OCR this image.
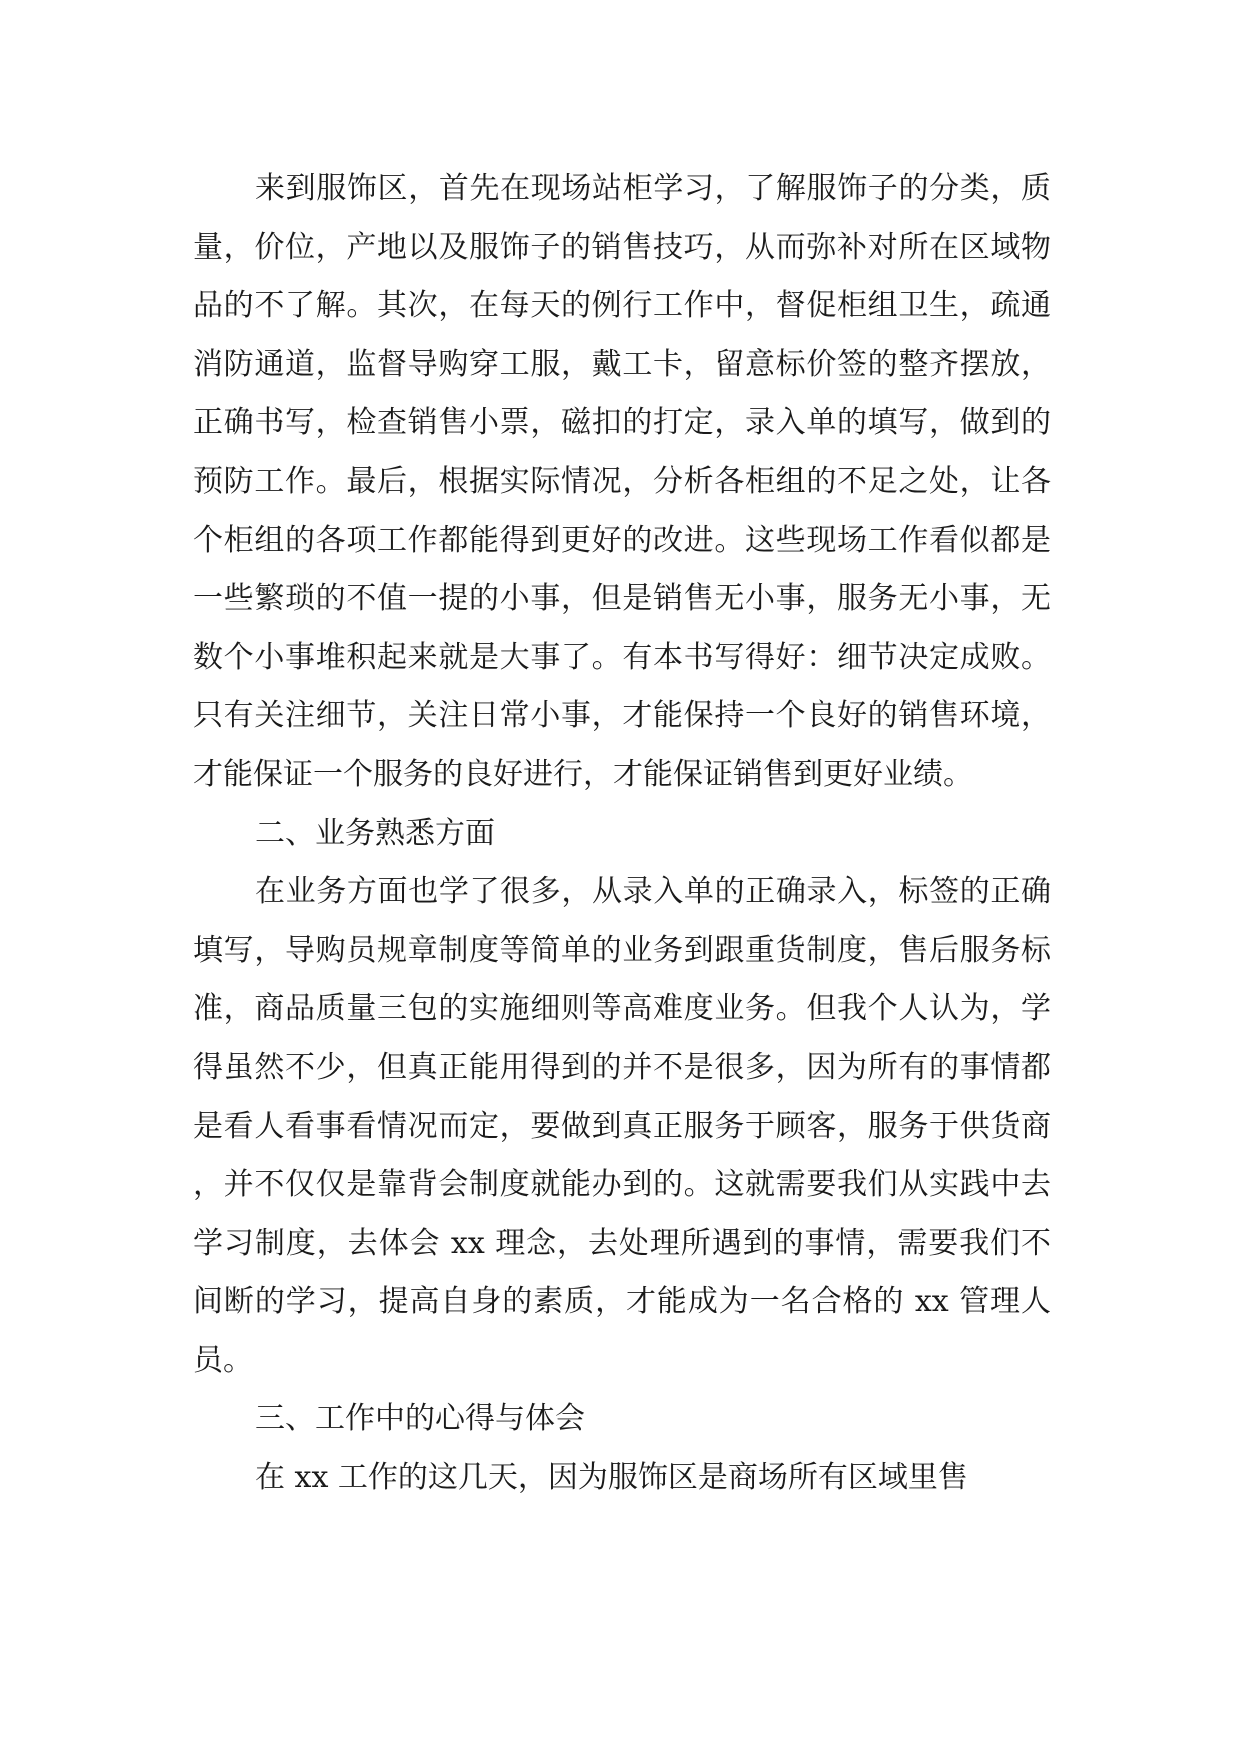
来到服饰区，首先在现场站柜学习，了解服饰子的分类，质量，价位，产地以及服饰子的销售技巧，从而弥补对所在区域物品的不了解。其次，在每天的例行工作中，督促柜组卫生，疏通消防通道，监督导购穿工服，戴工卡，留意标价签的整齐摆放，正确书写，检查销售小票，磁扣的打定，录入单的填写，做到的预防工作。最后，根据实际情况，分析各柜组的不足之处，让各个柜组的各项工作都能得到更好的改进。这些现场工作看似都是一些繁琐的不值一提的小事，但是销售无小事，服务无小事，无数个小事堆积起来就是大事了。有本书写得好：细节决定成败。只有关注细节，关注日常小事，才能保持一个良好的销售环境，才能保证一个服务的良好进行，才能保证销售到更好业绩。

二、业务熟悉方面

在业务方面也学了很多，从录入单的正确录入，标签的正确填写，导购员规章制度等简单的业务到跟重货制度，售后服务标准，商品质量三包的实施细则等高难度业务。但我个人认为，学得虽然不少，但真正能用得到的并不是很多，因为所有的事情都是看人看事看情况而定，要做到真正服务于顾客，服务于供货商，并不仅仅是靠背会制度就能办到的。这就需要我们从实践中去学习制度，去体会 xx 理念，去处理所遇到的事情，需要我们不间断的学习，提高自身的素质，才能成为一名合格的 xx 管理人员。

三、工作中的心得与体会

在 xx 工作的这几天，因为服饰区是商场所有区域里售
